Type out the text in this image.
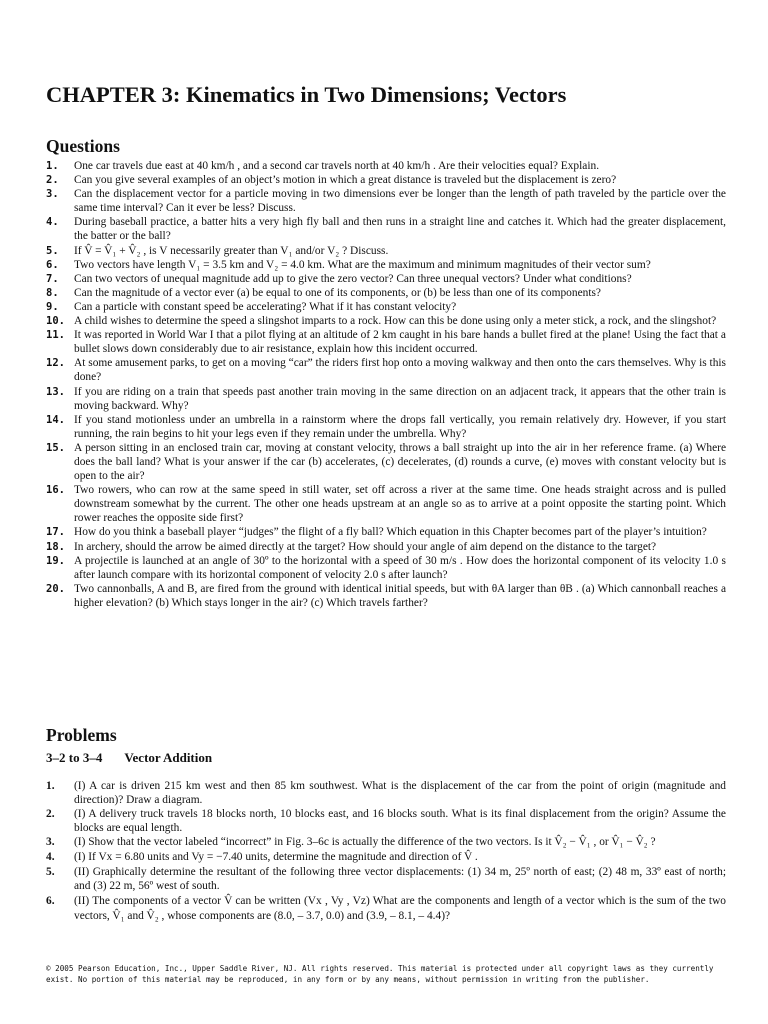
CHAPTER 3: Kinematics in Two Dimensions; Vectors
Questions
1.	One car travels due east at 40 km/h , and a second car travels north at 40 km/h . Are their velocities equal? Explain.
2.	Can you give several examples of an object’s motion in which a great distance is traveled but the displacement is zero?
3.	Can the displacement vector for a particle moving in two dimensions ever be longer than the length of path traveled by the particle over the same time interval? Can it ever be less? Discuss.
4.	During baseball practice, a batter hits a very high fly ball and then runs in a straight line and catches it. Which had the greater displacement, the batter or the ball?
5.	If V̂ = V̂₁ + V̂₂ , is V necessarily greater than V₁ and/or V₂ ? Discuss.
6.	Two vectors have length V₁ = 3.5 km and V₂ = 4.0 km. What are the maximum and minimum magnitudes of their vector sum?
7.	Can two vectors of unequal magnitude add up to give the zero vector? Can three unequal vectors? Under what conditions?
8.	Can the magnitude of a vector ever (a) be equal to one of its components, or (b) be less than one of its components?
9.	Can a particle with constant speed be accelerating? What if it has constant velocity?
10. A child wishes to determine the speed a slingshot imparts to a rock. How can this be done using only a meter stick, a rock, and the slingshot?
11. It was reported in World War I that a pilot flying at an altitude of 2 km caught in his bare hands a bullet fired at the plane! Using the fact that a bullet slows down considerably due to air resistance, explain how this incident occurred.
12. At some amusement parks, to get on a moving “car” the riders first hop onto a moving walkway and then onto the cars themselves. Why is this done?
13. If you are riding on a train that speeds past another train moving in the same direction on an adjacent track, it appears that the other train is moving backward. Why?
14. If you stand motionless under an umbrella in a rainstorm where the drops fall vertically, you remain relatively dry. However, if you start running, the rain begins to hit your legs even if they remain under the umbrella. Why?
15. A person sitting in an enclosed train car, moving at constant velocity, throws a ball straight up into the air in her reference frame. (a) Where does the ball land? What is your answer if the car (b) accelerates, (c) decelerates, (d) rounds a curve, (e) moves with constant velocity but is open to the air?
16. Two rowers, who can row at the same speed in still water, set off across a river at the same time. One heads straight across and is pulled downstream somewhat by the current. The other one heads upstream at an angle so as to arrive at a point opposite the starting point. Which rower reaches the opposite side first?
17. How do you think a baseball player “judges” the flight of a fly ball? Which equation in this Chapter becomes part of the player’s intuition?
18. In archery, should the arrow be aimed directly at the target? How should your angle of aim depend on the distance to the target?
19. A projectile is launched at an angle of 30º to the horizontal with a speed of 30 m/s . How does the horizontal component of its velocity 1.0 s after launch compare with its horizontal component of velocity 2.0 s after launch?
20. Two cannonballs, A and B, are fired from the ground with identical initial speeds, but with θA larger than θB . (a) Which cannonball reaches a higher elevation? (b) Which stays longer in the air? (c) Which travels farther?
Problems
3–2 to 3–4 Vector Addition
1.	(I) A car is driven 215 km west and then 85 km southwest. What is the displacement of the car from the point of origin (magnitude and direction)? Draw a diagram.
2.	(I) A delivery truck travels 18 blocks north, 10 blocks east, and 16 blocks south. What is its final displacement from the origin? Assume the blocks are equal length.
3.	(I) Show that the vector labeled “incorrect” in Fig. 3–6c is actually the difference of the two vectors. Is it V̂₂ − V̂₁ , or V̂₁ − V̂₂ ?
4.	(I) If Vx = 6.80 units and Vy = −7.40 units, determine the magnitude and direction of V̂ .
5.	(II) Graphically determine the resultant of the following three vector displacements: (1) 34 m, 25º north of east; (2) 48 m, 33º east of north; and (3) 22 m, 56º west of south.
6.	(II) The components of a vector V̂ can be written (Vx , Vy , Vz) What are the components and length of a vector which is the sum of the two vectors, V̂₁ and V̂₂ , whose components are (8.0, – 3.7, 0.0) and (3.9, – 8.1, – 4.4)?
© 2005 Pearson Education, Inc., Upper Saddle River, NJ. All rights reserved. This material is protected under all copyright laws as they currently exist. No portion of this material may be reproduced, in any form or by any means, without permission in writing from the publisher.
